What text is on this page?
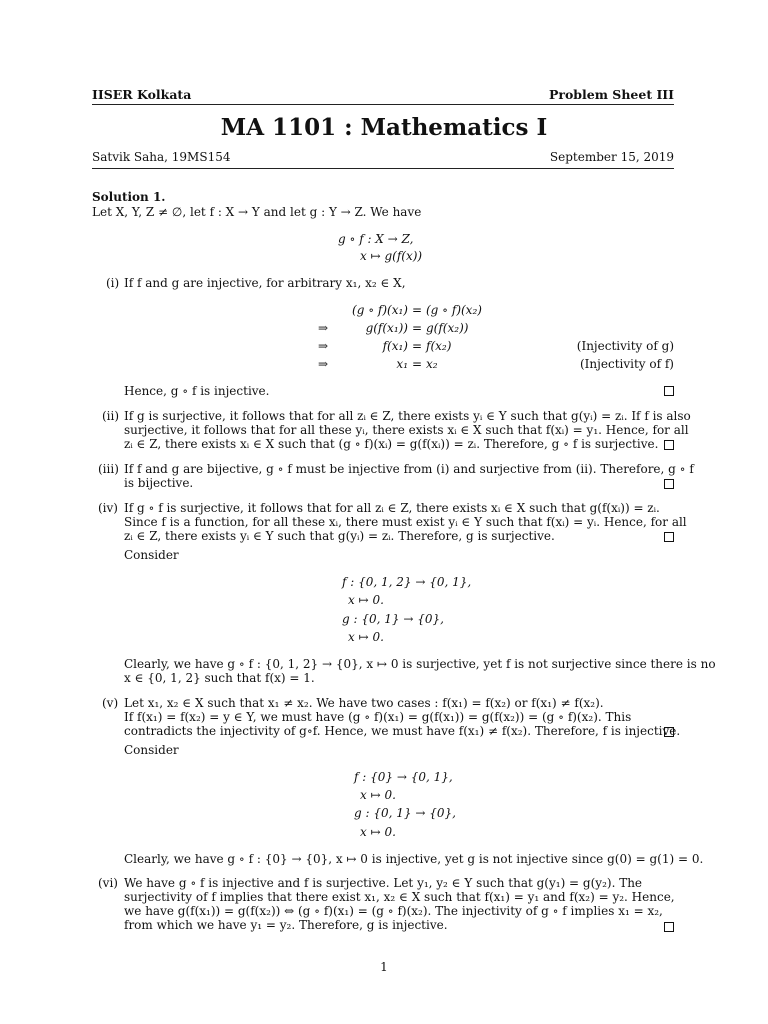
IISER Kolkata	Problem Sheet III
MA 1101 : Mathematics I
Satvik Saha, 19MS154	September 15, 2019
Solution 1.
Let X, Y, Z ≠ ∅, let f : X → Y and let g : Y → Z. We have
g ∘ f : X → Z,
x ↦ g(f(x))
(i) If f and g are injective, for arbitrary x₁, x₂ ∈ X,
(g ∘ f)(x₁) = (g ∘ f)(x₂)
⇒	g(f(x₁)) = g(f(x₂))
⇒	f(x₁) = f(x₂)	(Injectivity of g)
⇒	x₁ = x₂	(Injectivity of f)
Hence, g ∘ f is injective.
(ii) If g is surjective, it follows that for all zᵢ ∈ Z, there exists yᵢ ∈ Y such that g(yᵢ) = zᵢ. If f is also
surjective, it follows that for all these yᵢ, there exists xᵢ ∈ X such that f(xᵢ) = y₁. Hence, for all
zᵢ ∈ Z, there exists xᵢ ∈ X such that (g ∘ f)(xᵢ) = g(f(xᵢ)) = zᵢ. Therefore, g ∘ f is surjective.
(iii) If f and g are bijective, g ∘ f must be injective from (i) and surjective from (ii). Therefore, g ∘ f
is bijective.
(iv) If g ∘ f is surjective, it follows that for all zᵢ ∈ Z, there exists xᵢ ∈ X such that g(f(xᵢ)) = zᵢ.
Since f is a function, for all these xᵢ, there must exist yᵢ ∈ Y such that f(xᵢ) = yᵢ. Hence, for all
zᵢ ∈ Z, there exists yᵢ ∈ Y such that g(yᵢ) = zᵢ. Therefore, g is surjective.
Consider
f : {0, 1, 2} → {0, 1},
x ↦ 0.
g : {0, 1} → {0},
x ↦ 0.
Clearly, we have g ∘ f : {0, 1, 2} → {0}, x ↦ 0 is surjective, yet f is not surjective since there is no
x ∈ {0, 1, 2} such that f(x) = 1.
(v) Let x₁, x₂ ∈ X such that x₁ ≠ x₂. We have two cases : f(x₁) = f(x₂) or f(x₁) ≠ f(x₂).
If f(x₁) = f(x₂) = y ∈ Y, we must have (g ∘ f)(x₁) = g(f(x₁)) = g(f(x₂)) = (g ∘ f)(x₂). This
contradicts the injectivity of g∘f. Hence, we must have f(x₁) ≠ f(x₂). Therefore, f is injective.
Consider
f : {0} → {0, 1},
x ↦ 0.
g : {0, 1} → {0},
x ↦ 0.
Clearly, we have g ∘ f : {0} → {0}, x ↦ 0 is injective, yet g is not injective since g(0) = g(1) = 0.
(vi) We have g ∘ f is injective and f is surjective. Let y₁, y₂ ∈ Y such that g(y₁) = g(y₂). The
surjectivity of f implies that there exist x₁, x₂ ∈ X such that f(x₁) = y₁ and f(x₂) = y₂. Hence,
we have g(f(x₁)) = g(f(x₂)) ⇔ (g ∘ f)(x₁) = (g ∘ f)(x₂). The injectivity of g ∘ f implies x₁ = x₂,
from which we have y₁ = y₂. Therefore, g is injective.
1
